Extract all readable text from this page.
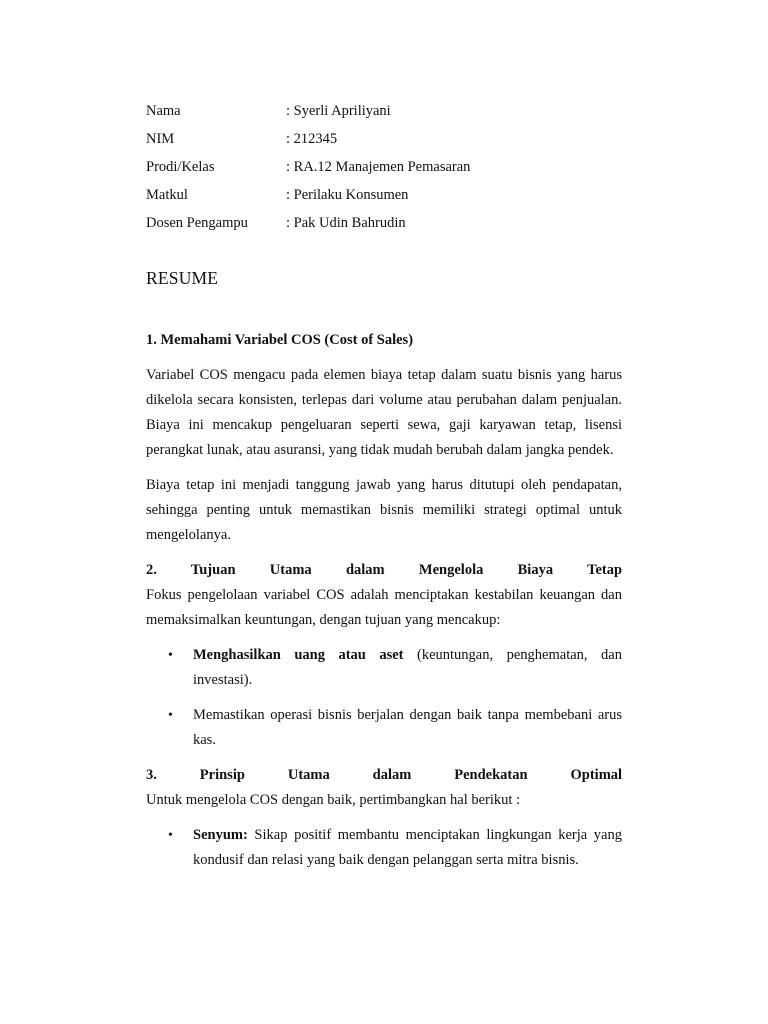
Nama	: Syerli Apriliyani
NIM	: 212345
Prodi/Kelas	: RA.12 Manajemen Pemasaran
Matkul	: Perilaku Konsumen
Dosen Pengampu	: Pak Udin Bahrudin
RESUME
1. Memahami Variabel COS (Cost of Sales)
Variabel COS mengacu pada elemen biaya tetap dalam suatu bisnis yang harus dikelola secara konsisten, terlepas dari volume atau perubahan dalam penjualan. Biaya ini mencakup pengeluaran seperti sewa, gaji karyawan tetap, lisensi perangkat lunak, atau asuransi, yang tidak mudah berubah dalam jangka pendek.
Biaya tetap ini menjadi tanggung jawab yang harus ditutupi oleh pendapatan, sehingga penting untuk memastikan bisnis memiliki strategi optimal untuk mengelolanya.
2. Tujuan Utama dalam Mengelola Biaya Tetap
Fokus pengelolaan variabel COS adalah menciptakan kestabilan keuangan dan memaksimalkan keuntungan, dengan tujuan yang mencakup:
• Menghasilkan uang atau aset (keuntungan, penghematan, dan investasi).
• Memastikan operasi bisnis berjalan dengan baik tanpa membebani arus kas.
3.	Prinsip	Utama	dalam	Pendekatan	Optimal
Untuk mengelola COS dengan baik, pertimbangkan hal berikut :
• Senyum: Sikap positif membantu menciptakan lingkungan kerja yang kondusif dan relasi yang baik dengan pelanggan serta mitra bisnis.
